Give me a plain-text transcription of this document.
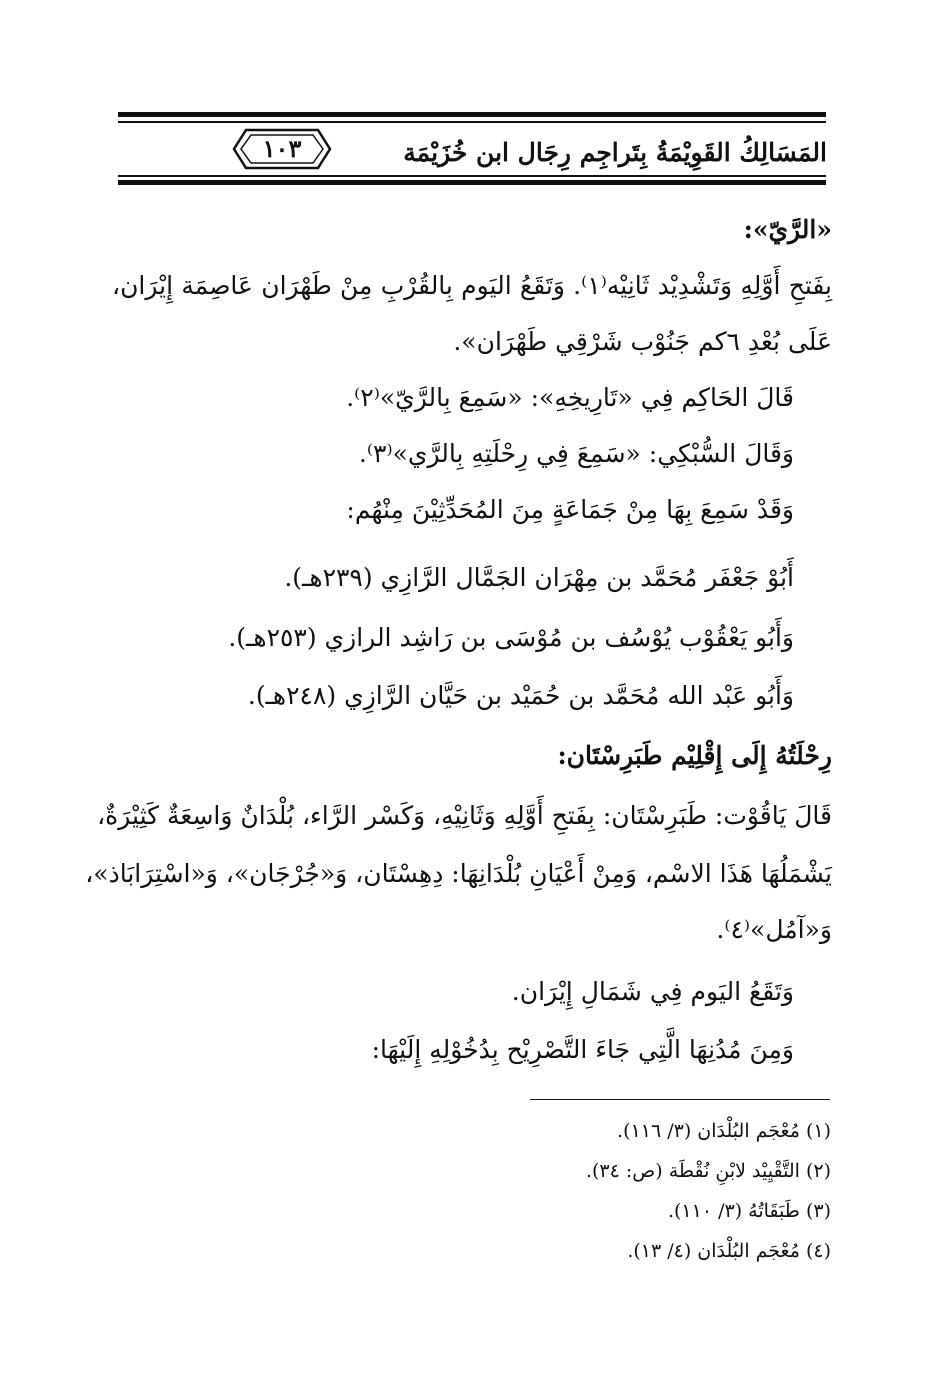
المَسَالِكُ القَوِيْمَةُ بِتَراجِم رِجَال ابن خُزَيْمَة
١٠٣
«الرَّيّ»:
بِفَتحِ أَوَّلِهِ وَتَشْدِيْد ثَانِيْه⁽١⁾. وَتَقَعُ اليَوم بِالقُرْبِ مِنْ طَهْرَان عَاصِمَة إِيْرَان،
عَلَى بُعْدِ ٦كم جَنُوْب شَرْقِي طَهْرَان».
قَالَ الحَاكِم فِي «تَارِيخِهِ»: «سَمِعَ بِالرَّيّ»⁽٢⁾.
وَقَالَ السُّبْكِي: «سَمِعَ فِي رِحْلَتِهِ بِالرَّي»⁽٣⁾.
وَقَدْ سَمِعَ بِهَا مِنْ جَمَاعَةٍ مِنَ المُحَدِّثِيْنَ مِنْهُم:
أَبُوْ جَعْفَر مُحَمَّد بن مِهْرَان الجَمَّال الرَّازِي (٢٣٩هـ).
وَأَبُو يَعْقُوْب يُوْسُف بن مُوْسَى بن رَاشِد الرازي (٢٥٣هـ).
وَأَبُو عَبْد الله مُحَمَّد بن حُمَيْد بن حَيَّان الرَّازِي (٢٤٨هـ).
رِحْلَتُهُ إِلَى إِقْلِيْم طَبَرِسْتَان:
قَالَ يَاقُوْت: طَبَرِسْتَان: بِفَتحِ أَوَّلِهِ وَثَانِيْهِ، وَكَسْر الرَّاء، بُلْدَانٌ وَاسِعَةٌ كَثِيْرَةٌ،
يَشْمَلُهَا هَذَا الاسْم، وَمِنْ أَعْيَانِ بُلْدَانِهَا: دِهِسْتَان، وَ«جُرْجَان»، وَ«اسْتِرَابَاذ»،
وَ«آمُل»⁽٤⁾.
وَتَقَعُ اليَوم فِي شَمَالِ إِيْرَان.
وَمِنَ مُدُنِهَا الَّتِي جَاءَ التَّصْرِيْح بِدُخُوْلِهِ إِلَيْهَا:
(١) مُعْجَم البُلْدَان (٣/ ١١٦).
(٢) التَّقْيِيْد لابْنِ نُقْطَة (ص: ٣٤).
(٣) طَبَقَاتُهُ (٣/ ١١٠).
(٤) مُعْجَم البُلْدَان (٤/ ١٣).
